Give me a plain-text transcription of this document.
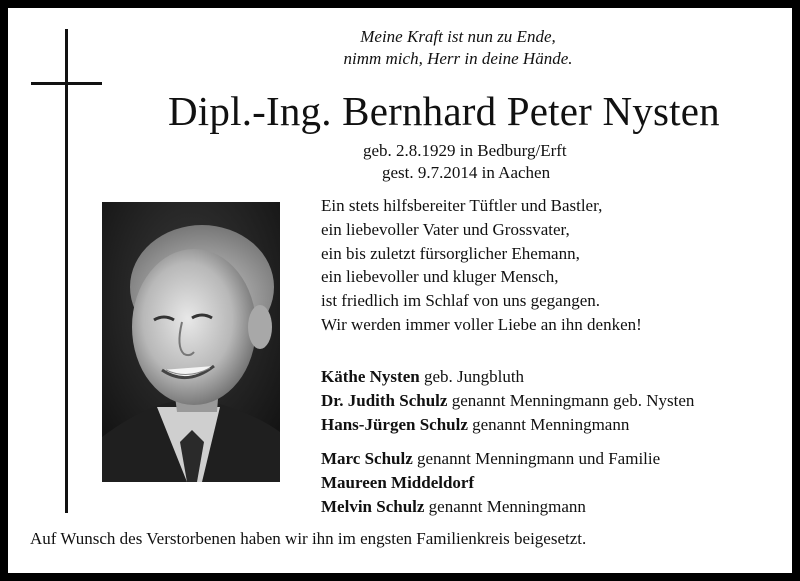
Meine Kraft ist nun zu Ende,
nimm mich, Herr in deine Hände.
Dipl.-Ing. Bernhard Peter Nysten
geb. 2.8.1929 in Bedburg/Erft
gest. 9.7.2014 in Aachen
Ein stets hilfsbereiter Tüftler und Bastler,
ein liebevoller Vater und Grossvater,
ein bis zuletzt fürsorglicher Ehemann,
ein liebevoller und kluger Mensch,
ist friedlich im Schlaf von uns gegangen.
Wir werden immer voller Liebe an ihn denken!
Käthe Nysten geb. Jungbluth
Dr. Judith Schulz genannt Menningmann geb. Nysten
Hans-Jürgen Schulz genannt Menningmann
Marc Schulz genannt Menningmann und Familie
Maureen Middeldorf
Melvin Schulz genannt Menningmann
Auf Wunsch des Verstorbenen haben wir ihn im engsten Familienkreis beigesetzt.
